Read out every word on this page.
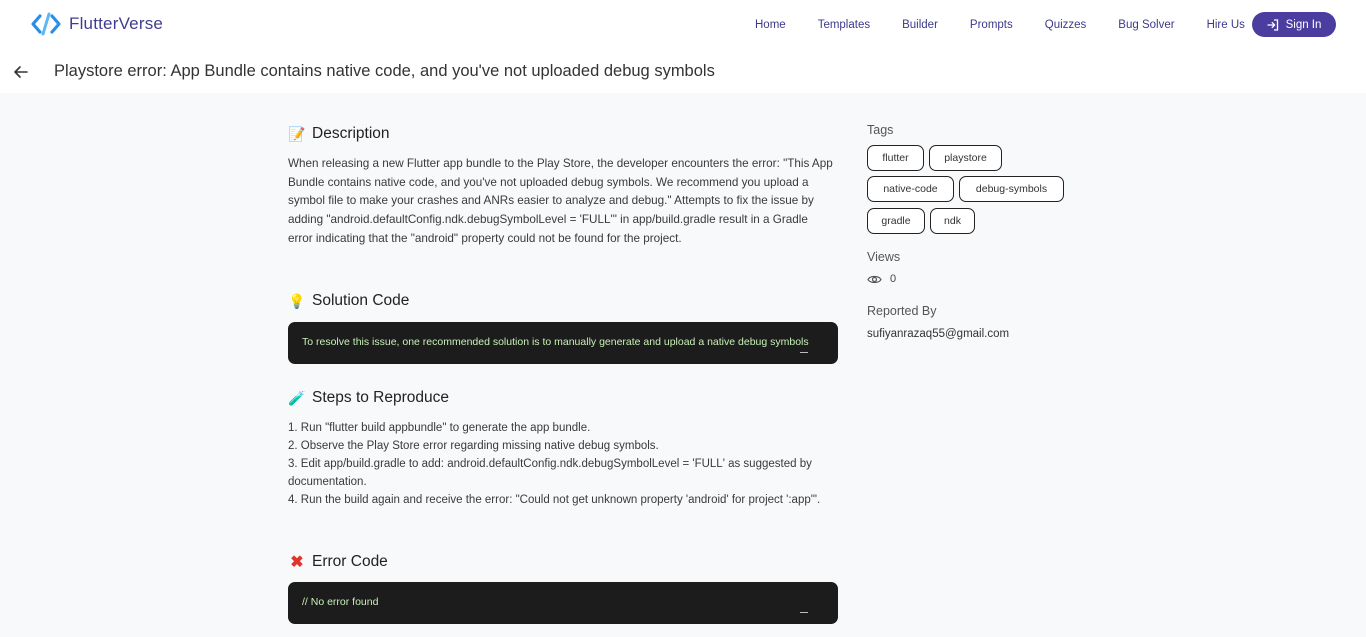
FlutterVerse	Home	Templates	Builder	Prompts	Quizzes	Bug Solver	Hire Us	Sign In
Playstore error: App Bundle contains native code, and you've not uploaded debug symbols
📝 Description

When releasing a new Flutter app bundle to the Play Store, the developer encounters the error: "This App Bundle contains native code, and you've not uploaded debug symbols. We recommend you upload a symbol file to make your crashes and ANRs easier to analyze and debug." Attempts to fix the issue by adding "android.defaultConfig.ndk.debugSymbolLevel = 'FULL'" in app/build.gradle result in a Gradle error indicating that the "android" property could not be found for the project.

💡 Solution Code
To resolve this issue, one recommended solution is to manually generate and upload a native debug symbols
🧪 Steps to Reproduce
1. Run "flutter build appbundle" to generate the app bundle.
2. Observe the Play Store error regarding missing native debug symbols.
3. Edit app/build.gradle to add: android.defaultConfig.ndk.debugSymbolLevel = 'FULL' as suggested by documentation.
4. Run the build again and receive the error: "Could not get unknown property 'android' for project ':app'".
✖ Error Code
// No error found
Tags
flutter	playstore
native-code	debug-symbols
gradle	ndk
Views
0
Reported By
sufiyanrazaq55@gmail.com
